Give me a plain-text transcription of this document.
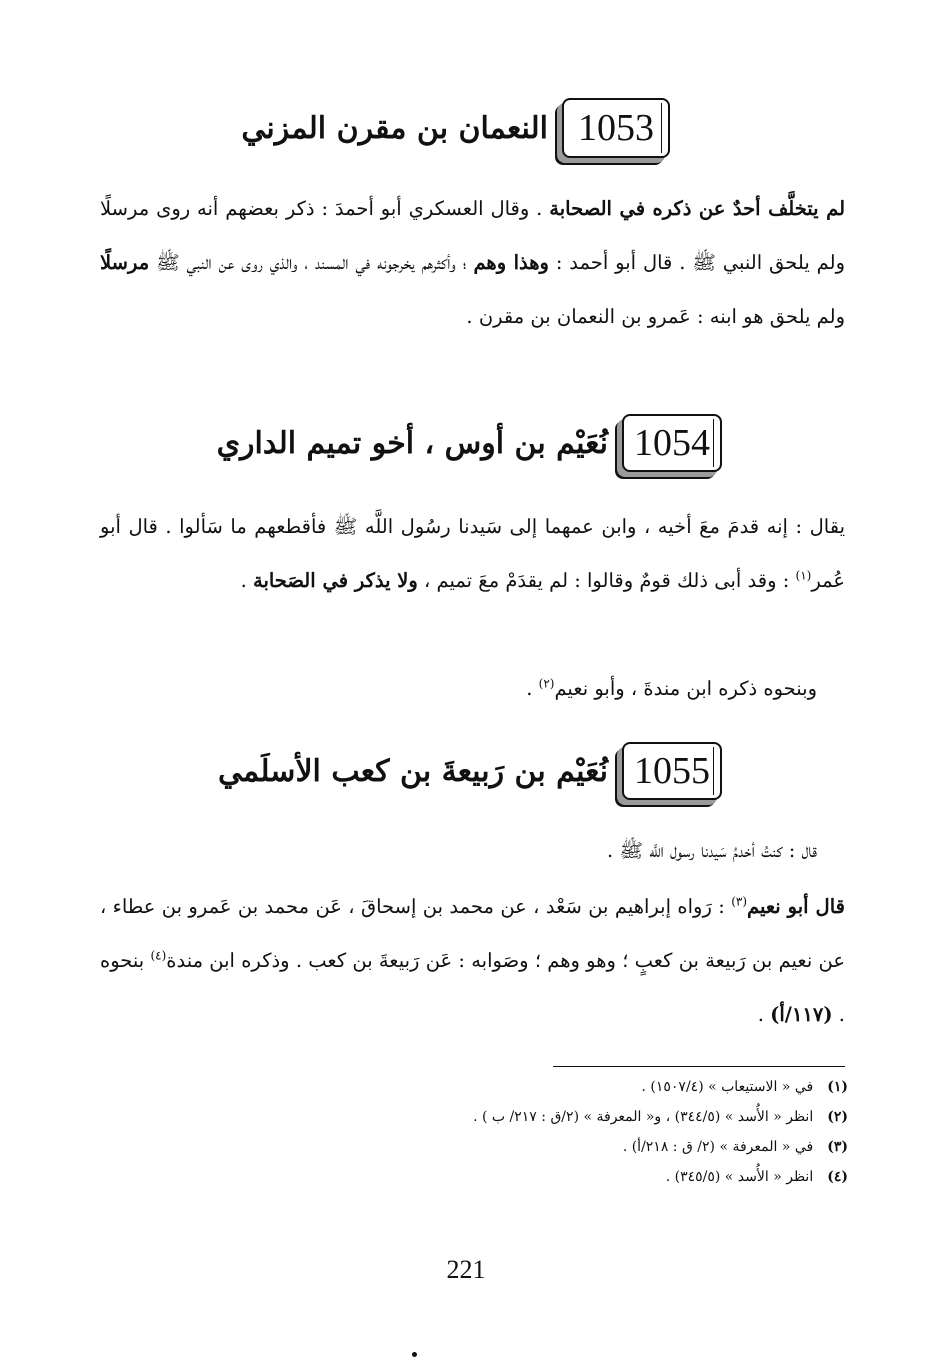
1053
النعمان بن مقرن المزني
لم يتخلَّف أحدٌ عن ذكره في الصحابة . وقال العسكري أبو أحمدَ : ذكر بعضهم أنه روى مرسلًا ولم يلحق النبي ﷺ . قال أبو أحمد : وهذا وهم ؛ وأكثرهم يخرجونه في المسند ، والذي روى عن النبي ﷺ مرسلًا ولم يلحق هو ابنه : عَمرو بن النعمان بن مقرن .
1054
نُعَيْم بن أوس ، أخو تميم الداري
يقال : إنه قدمَ معَ أخيه ، وابن عمهما إلى سَيدنا رسُول اللَّه ﷺ فأقطعهم ما سَألوا . قال أبو عُمر$^{(١)}$ : وقد أبى ذلك قومٌ وقالوا : لم يقدَمْ معَ تميم ، ولا يذكر في الصَحابة .
وبنحوه ذكره ابن مندةَ ، وأبو نعيم$^{(٢)}$ .
1055
نُعَيْم بن رَبيعةَ بن كعب الأسلَمي
قال : كنتُ أخدمُ سَيدنا رسول اللَّه ﷺ .
قال أبو نعيم$^{(٣)}$ : رَواه إبراهيم بن سَعْد ، عن محمد بن إسحاقَ ، عَن محمد بن عَمرو بن عطاء ، عن نعيم بن رَبيعة بن كعبٍ ؛ وهو وهم ؛ وصَوابه : عَن رَبيعةَ بن كعب . وذكره ابن مندة$^{(٤)}$ بنحوه . (١١٧/أ) .
(١)في « الاستيعاب » (١٥٠٧/٤) .
(٢)انظر « الأُسد » (٣٤٤/٥) ، و« المعرفة » (٢/ق : ٢١٧/ ب ) .
(٣)في « المعرفة » (٢/ ق : ٢١٨/أ) .
(٤)انظر « الأُسد » (٣٤٥/٥) .
221
